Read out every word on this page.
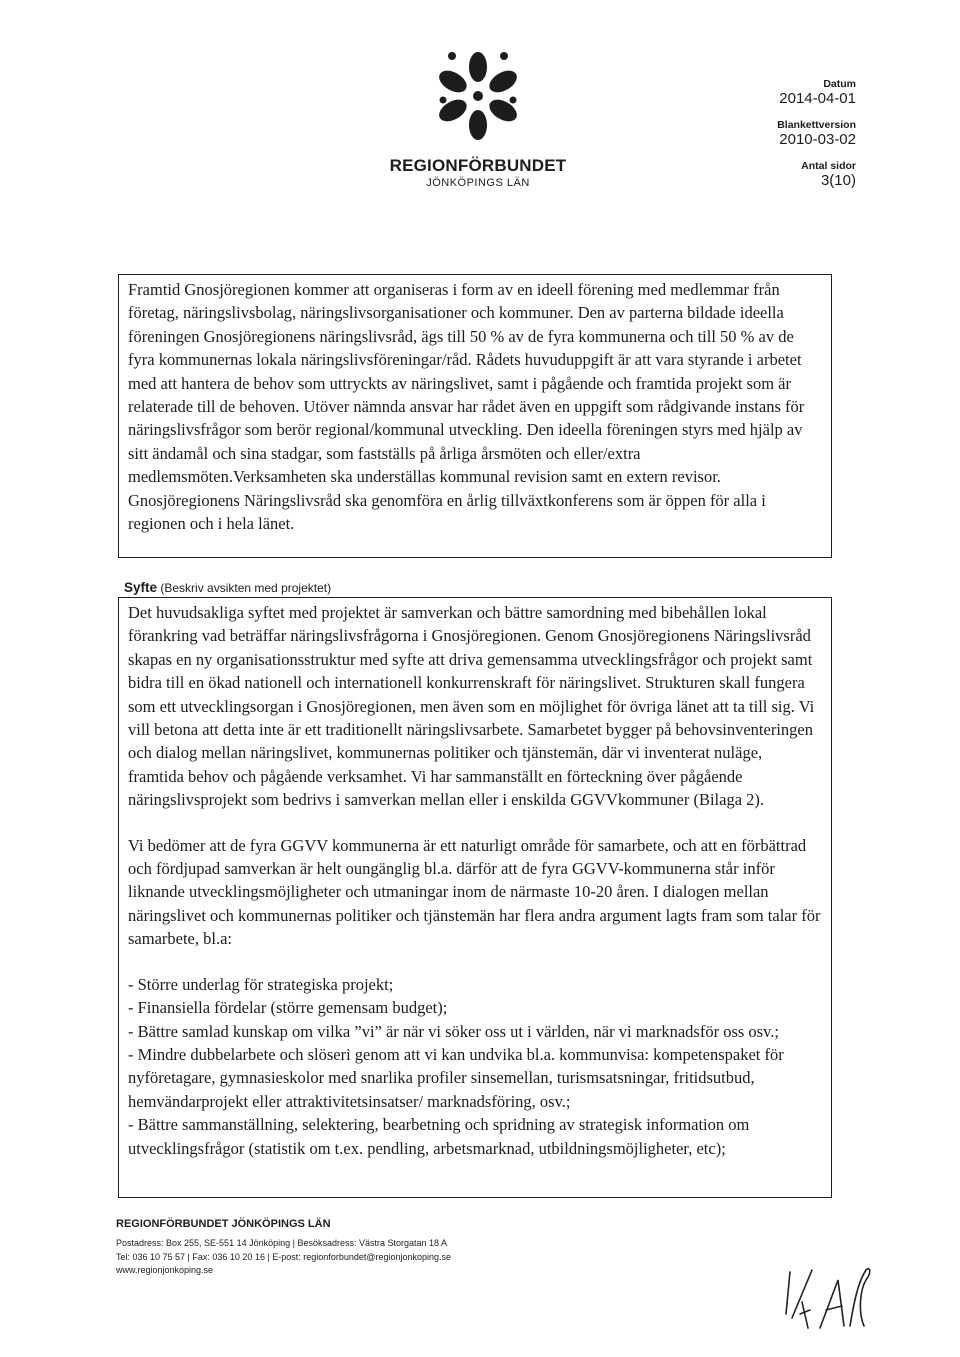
REGIONFÖRBUNDET
JÖNKÖPINGS LÄN
Datum
2014-04-01
Blankettversion
2010-03-02
Antal sidor
3(10)

Framtid Gnosjöregionen kommer att organiseras i form av en ideell förening med medlemmar från företag, näringslivsbolag, näringslivsorganisationer och kommuner. Den av parterna bildade ideella föreningen Gnosjöregionens näringslivsråd, ägs till 50 % av de fyra kommunerna och till 50 % av de fyra kommunernas lokala näringslivsföreningar/råd. Rådets huvuduppgift är att vara styrande i arbetet med att hantera de behov som uttryckts av näringslivet, samt i pågående och framtida projekt som är relaterade till de behoven. Utöver nämnda ansvar har rådet även en uppgift som rådgivande instans för näringslivsfrågor som berör regional/kommunal utveckling. Den ideella föreningen styrs med hjälp av sitt ändamål och sina stadgar, som fastställs på årliga årsmöten och eller/extra medlemsmöten.Verksamheten ska underställas kommunal revision samt en extern revisor. Gnosjöregionens Näringslivsråd ska genomföra en årlig tillväxtkonferens som är öppen för alla i regionen och i hela länet.

Syfte (Beskriv avsikten med projektet)

Det huvudsakliga syftet med projektet är samverkan och bättre samordning med bibehållen lokal förankring vad beträffar näringslivsfrågorna i Gnosjöregionen. Genom Gnosjöregionens Näringslivsråd skapas en ny organisationsstruktur med syfte att driva gemensamma utvecklingsfrågor och projekt samt bidra till en ökad nationell och internationell konkurrenskraft för näringslivet. Strukturen skall fungera som ett utvecklingsorgan i Gnosjöregionen, men även som en möjlighet för övriga länet att ta till sig. Vi vill betona att detta inte är ett traditionellt näringslivsarbete. Samarbetet bygger på behovsinventeringen och dialog mellan näringslivet, kommunernas politiker och tjänstemän, där vi inventerat nuläge, framtida behov och pågående verksamhet. Vi har sammanställt en förteckning över pågående näringslivsprojekt som bedrivs i samverkan mellan eller i enskilda GGVVkommuner (Bilaga 2).

Vi bedömer att de fyra GGVV kommunerna är ett naturligt område för samarbete, och att en förbättrad och fördjupad samverkan är helt oungänglig bl.a. därför att de fyra GGVV-kommunerna står inför liknande utvecklingsmöjligheter och utmaningar inom de närmaste 10-20 åren. I dialogen mellan näringslivet och kommunernas politiker och tjänstemän har flera andra argument lagts fram som talar för samarbete, bl.a:

- Större underlag för strategiska projekt;

- Finansiella fördelar (större gemensam budget);

- Bättre samlad kunskap om vilka ”vi” är när vi söker oss ut i världen, när vi marknadsför oss osv.;

- Mindre dubbelarbete och slöseri genom att vi kan undvika bl.a. kommunvisa: kompetenspaket för nyföretagare, gymnasieskolor med snarlika profiler sinsemellan, turismsatsningar, fritidsutbud, hemvändarprojekt eller attraktivitetsinsatser/ marknadsföring, osv.;

- Bättre sammanställning, selektering, bearbetning och spridning av strategisk information om utvecklingsfrågor (statistik om t.ex. pendling, arbetsmarknad, utbildningsmöjligheter, etc);

REGIONFÖRBUNDET JÖNKÖPINGS LÄN
Postadress: Box 255, SE-551 14 Jönköping | Besöksadress: Västra Storgatan 18 A
Tel: 036 10 75 57 | Fax: 036 10 20 16 | E-post: regionforbundet@regionjonkoping.se
www.regionjonkoping.se
